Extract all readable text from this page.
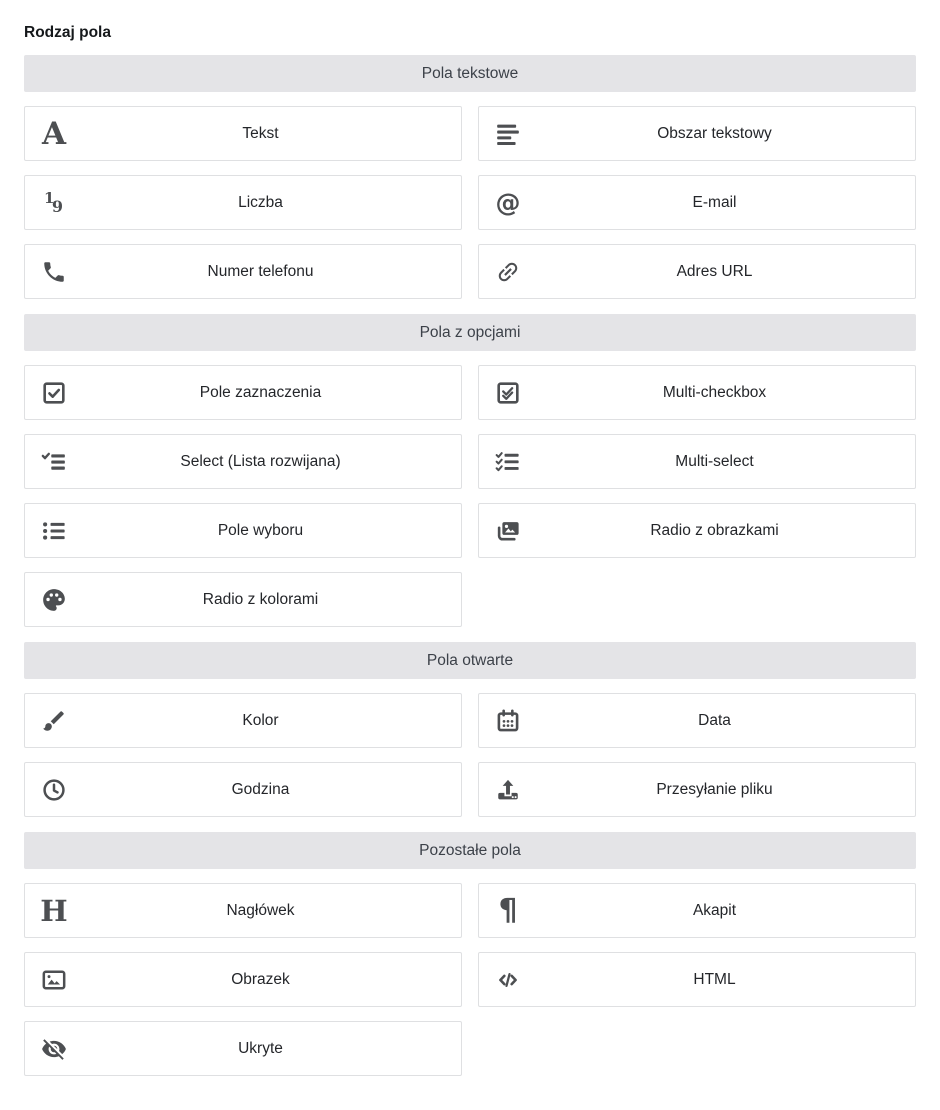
Rodzaj pola
Pola tekstowe
A	Tekst	Obszar tekstowy
1
9	Liczba	@	E-mail
Numer telefonu	Adres URL
Pola z opcjami
Pole zaznaczenia	Multi-checkbox
Select (Lista rozwijana)	Multi-select
Pole wyboru	Radio z obrazkami
Radio z kolorami
Pola otwarte
Kolor	Data
Godzina	Przesyłanie pliku
Pozostałe pola
H	Nagłówek	¶	Akapit
Obrazek	HTML
Ukryte
